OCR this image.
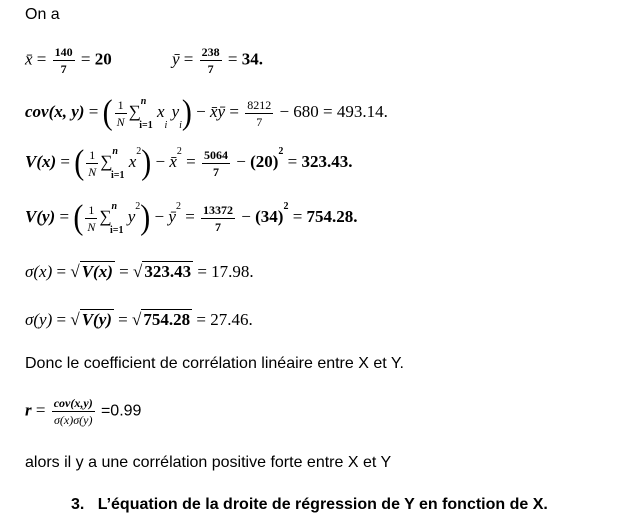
On a
x̄ = $\frac{140}{7} = 20$	ȳ = $\frac{238}{7} = 34$.
cov(x, y) = ( $\frac{1}{N} \sum^ni=1$ xi yi) − x̄ȳ = $\frac{8212}{7} - 680 = 493.14$.
V(x) = ( $\frac{1}{N} \sum^ni=1$ $x^2$) − x̄$^2$ = $\frac{5064}{7} - (20)^2 = 323.43$.
V(y) = ( $\frac{1}{N} \sum^ni=1$ $y^2$) − $ȳ^2 = \frac{13372}{7} - (34)^2 = 754.28$.
σ(x) = √ V(x) = √ 323.43 = 17.98.
σ(y) = √ V(y) = √ 754.28 = 27.46.
Donc le coefficient de corrélation linéaire entre X et Y.
$r = \frac{\text{cov(x,y)}}{\sigma(x)\sigma(y)} =0.99$
alors il y a une corrélation positive forte entre X et Y
3. L’équation de la droite de régression de Y en fonction de X.
